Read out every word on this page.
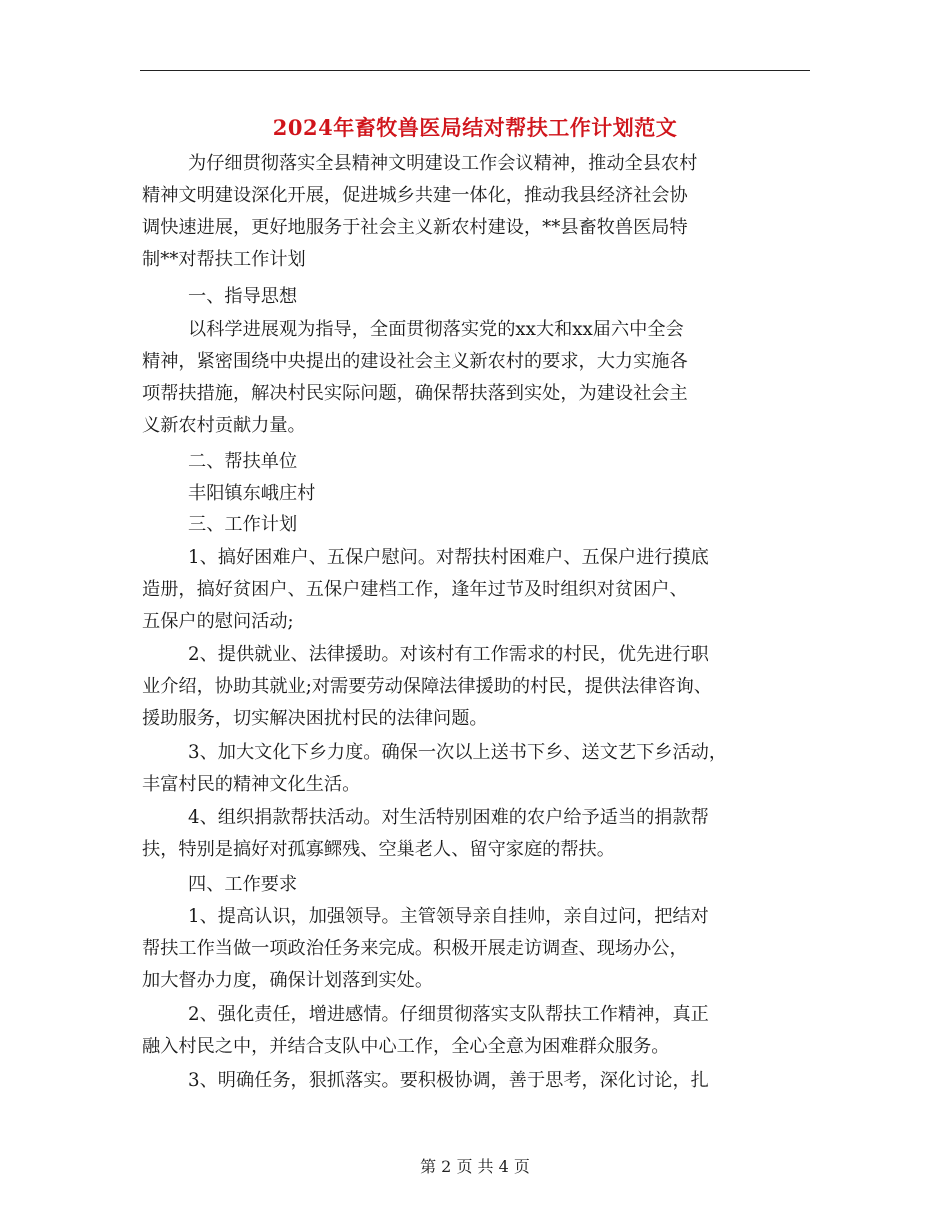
2024年畜牧兽医局结对帮扶工作计划范文
为仔细贯彻落实全县精神文明建设工作会议精神，推动全县农村
精神文明建设深化开展，促进城乡共建一体化，推动我县经济社会协
调快速进展，更好地服务于社会主义新农村建设，**县畜牧兽医局特
制**对帮扶工作计划
一、指导思想
以科学进展观为指导，全面贯彻落实党的xx大和xx届六中全会
精神，紧密围绕中央提出的建设社会主义新农村的要求，大力实施各
项帮扶措施，解决村民实际问题，确保帮扶落到实处，为建设社会主
义新农村贡献力量。
二、帮扶单位
丰阳镇东峨庄村
三、工作计划
1、搞好困难户、五保户慰问。对帮扶村困难户、五保户进行摸底
造册，搞好贫困户、五保户建档工作，逢年过节及时组织对贫困户、
五保户的慰问活动;
2、提供就业、法律援助。对该村有工作需求的村民，优先进行职
业介绍，协助其就业;对需要劳动保障法律援助的村民，提供法律咨询、
援助服务，切实解决困扰村民的法律问题。
3、加大文化下乡力度。确保一次以上送书下乡、送文艺下乡活动，
丰富村民的精神文化生活。
4、组织捐款帮扶活动。对生活特别困难的农户给予适当的捐款帮
扶，特别是搞好对孤寡鳏残、空巢老人、留守家庭的帮扶。
四、工作要求
1、提高认识，加强领导。主管领导亲自挂帅，亲自过问，把结对
帮扶工作当做一项政治任务来完成。积极开展走访调查、现场办公，
加大督办力度，确保计划落到实处。
2、强化责任，增进感情。仔细贯彻落实支队帮扶工作精神，真正
融入村民之中，并结合支队中心工作，全心全意为困难群众服务。
3、明确任务，狠抓落实。要积极协调，善于思考，深化讨论，扎
第 2 页 共 4 页
